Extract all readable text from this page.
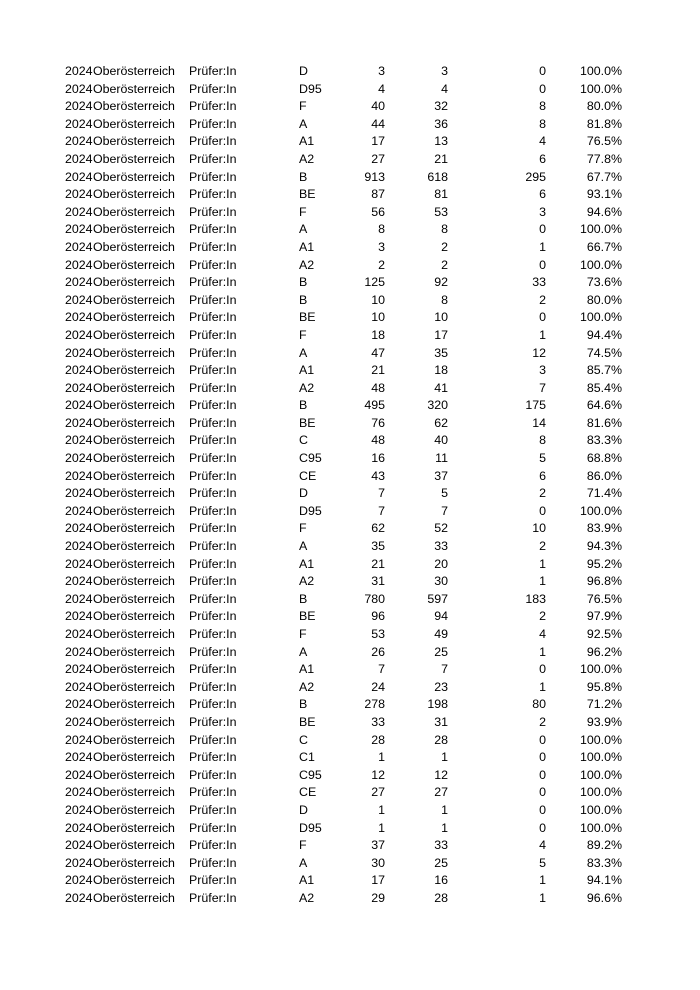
2024 Oberösterreich Prüfer:In	D	3	3	0	100.0%
2024 Oberösterreich Prüfer:In	D95	4	4	0	100.0%
2024 Oberösterreich Prüfer:In	F	40	32	8	80.0%
2024 Oberösterreich Prüfer:In	A	44	36	8	81.8%
2024 Oberösterreich Prüfer:In	A1	17	13	4	76.5%
2024 Oberösterreich Prüfer:In	A2	27	21	6	77.8%
2024 Oberösterreich Prüfer:In	B	913	618	295	67.7%
2024 Oberösterreich Prüfer:In	BE	87	81	6	93.1%
2024 Oberösterreich Prüfer:In	F	56	53	3	94.6%
2024 Oberösterreich Prüfer:In	A	8	8	0	100.0%
2024 Oberösterreich Prüfer:In	A1	3	2	1	66.7%
2024 Oberösterreich Prüfer:In	A2	2	2	0	100.0%
2024 Oberösterreich Prüfer:In	B	125	92	33	73.6%
2024 Oberösterreich Prüfer:In	B	10	8	2	80.0%
2024 Oberösterreich Prüfer:In	BE	10	10	0	100.0%
2024 Oberösterreich Prüfer:In	F	18	17	1	94.4%
2024 Oberösterreich Prüfer:In	A	47	35	12	74.5%
2024 Oberösterreich Prüfer:In	A1	21	18	3	85.7%
2024 Oberösterreich Prüfer:In	A2	48	41	7	85.4%
2024 Oberösterreich Prüfer:In	B	495	320	175	64.6%
2024 Oberösterreich Prüfer:In	BE	76	62	14	81.6%
2024 Oberösterreich Prüfer:In	C	48	40	8	83.3%
2024 Oberösterreich Prüfer:In	C95	16	11	5	68.8%
2024 Oberösterreich Prüfer:In	CE	43	37	6	86.0%
2024 Oberösterreich Prüfer:In	D	7	5	2	71.4%
2024 Oberösterreich Prüfer:In	D95	7	7	0	100.0%
2024 Oberösterreich Prüfer:In	F	62	52	10	83.9%
2024 Oberösterreich Prüfer:In	A	35	33	2	94.3%
2024 Oberösterreich Prüfer:In	A1	21	20	1	95.2%
2024 Oberösterreich Prüfer:In	A2	31	30	1	96.8%
2024 Oberösterreich Prüfer:In	B	780	597	183	76.5%
2024 Oberösterreich Prüfer:In	BE	96	94	2	97.9%
2024 Oberösterreich Prüfer:In	F	53	49	4	92.5%
2024 Oberösterreich Prüfer:In	A	26	25	1	96.2%
2024 Oberösterreich Prüfer:In	A1	7	7	0	100.0%
2024 Oberösterreich Prüfer:In	A2	24	23	1	95.8%
2024 Oberösterreich Prüfer:In	B	278	198	80	71.2%
2024 Oberösterreich Prüfer:In	BE	33	31	2	93.9%
2024 Oberösterreich Prüfer:In	C	28	28	0	100.0%
2024 Oberösterreich Prüfer:In	C1	1	1	0	100.0%
2024 Oberösterreich Prüfer:In	C95	12	12	0	100.0%
2024 Oberösterreich Prüfer:In	CE	27	27	0	100.0%
2024 Oberösterreich Prüfer:In	D	1	1	0	100.0%
2024 Oberösterreich Prüfer:In	D95	1	1	0	100.0%
2024 Oberösterreich Prüfer:In	F	37	33	4	89.2%
2024 Oberösterreich Prüfer:In	A	30	25	5	83.3%
2024 Oberösterreich Prüfer:In	A1	17	16	1	94.1%
2024 Oberösterreich Prüfer:In	A2	29	28	1	96.6%
